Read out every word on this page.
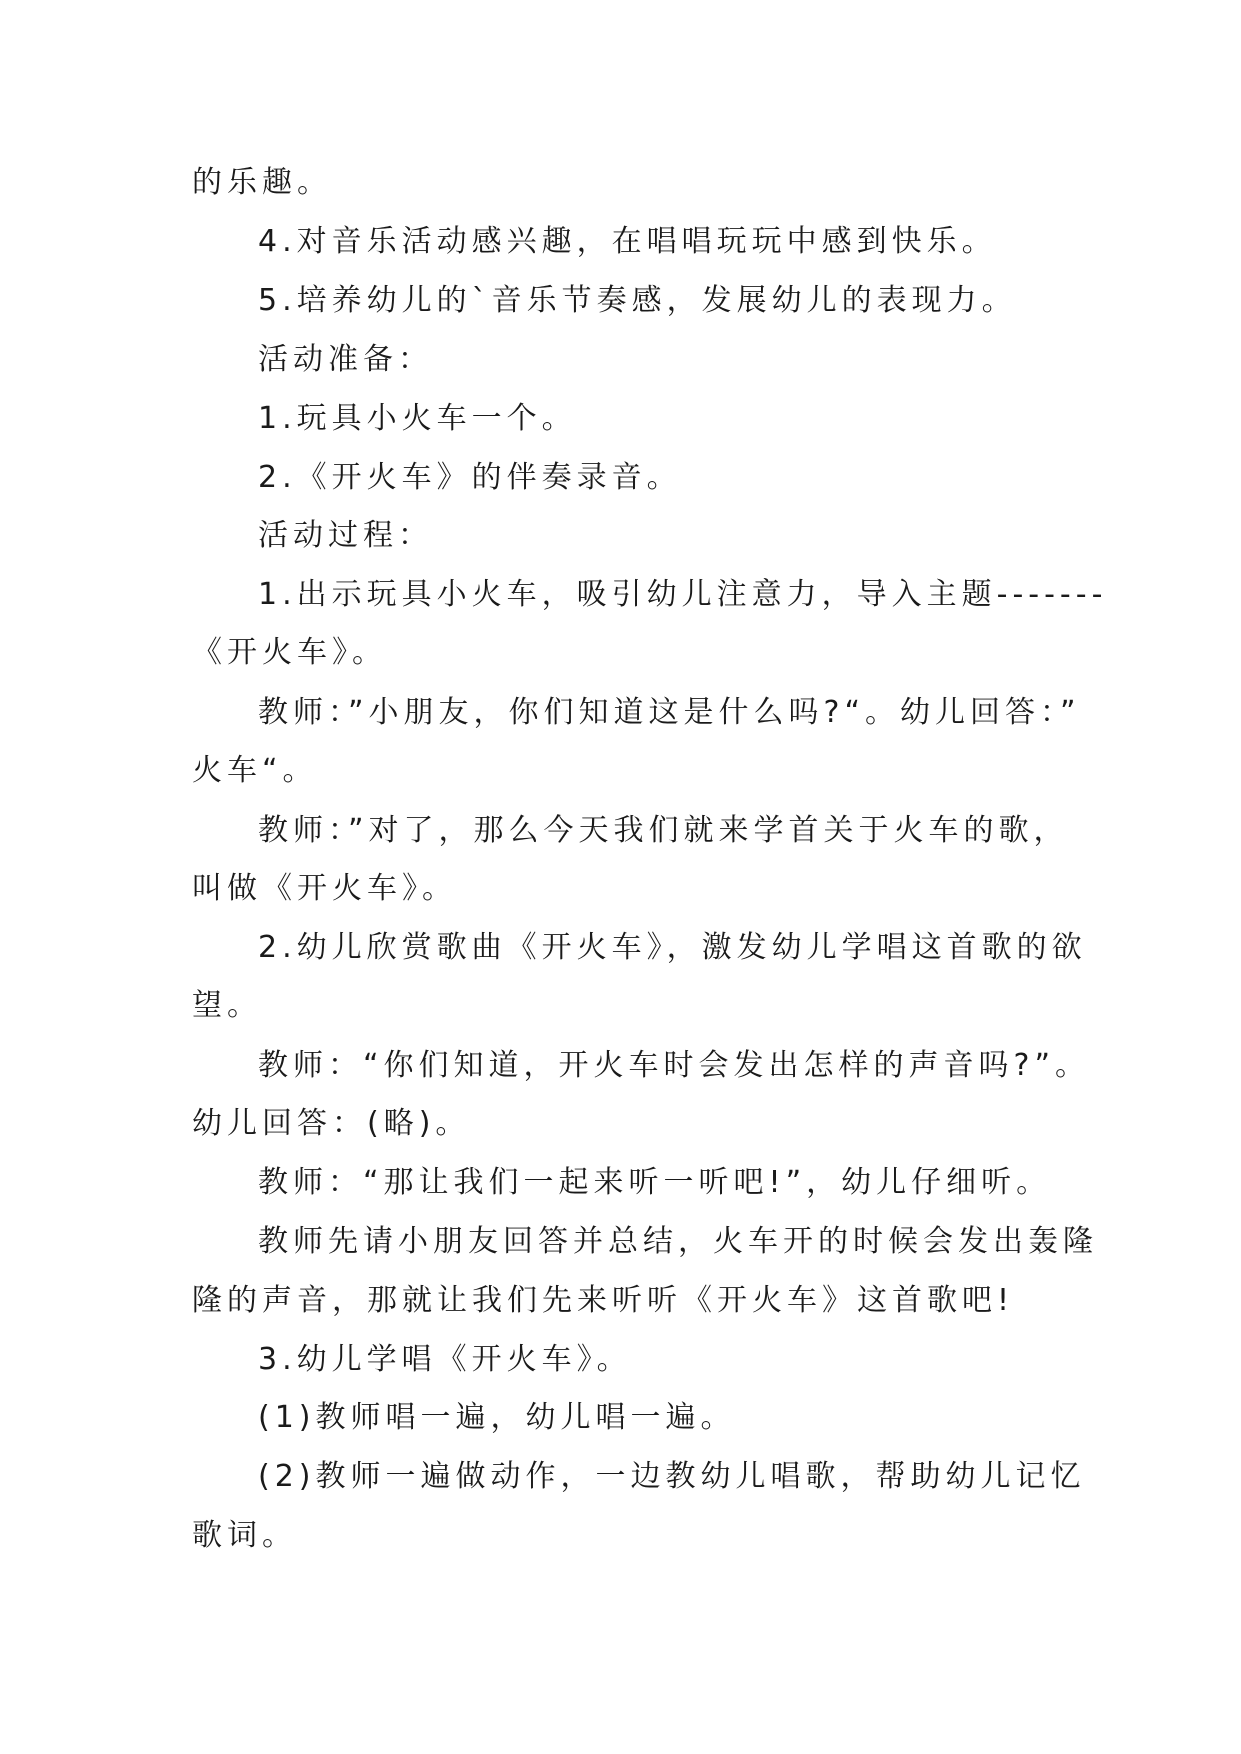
的乐趣。
4.对音乐活动感兴趣，在唱唱玩玩中感到快乐。
5.培养幼儿的`音乐节奏感，发展幼儿的表现力。
活动准备：
1.玩具小火车一个。
2.《开火车》的伴奏录音。
活动过程：
1.出示玩具小火车，吸引幼儿注意力，导入主题-------
《开火车》。
教师：”小朋友，你们知道这是什么吗?“。幼儿回答：”
火车“。
教师：”对了，那么今天我们就来学首关于火车的歌，
叫做《开火车》。
2.幼儿欣赏歌曲《开火车》，激发幼儿学唱这首歌的欲
望。
教师：“你们知道，开火车时会发出怎样的声音吗?”。
幼儿回答：(略)。
教师：“那让我们一起来听一听吧!”，幼儿仔细听。
教师先请小朋友回答并总结，火车开的时候会发出轰隆
隆的声音，那就让我们先来听听《开火车》这首歌吧!
3.幼儿学唱《开火车》。
(1)教师唱一遍，幼儿唱一遍。
(2)教师一遍做动作，一边教幼儿唱歌，帮助幼儿记忆
歌词。
